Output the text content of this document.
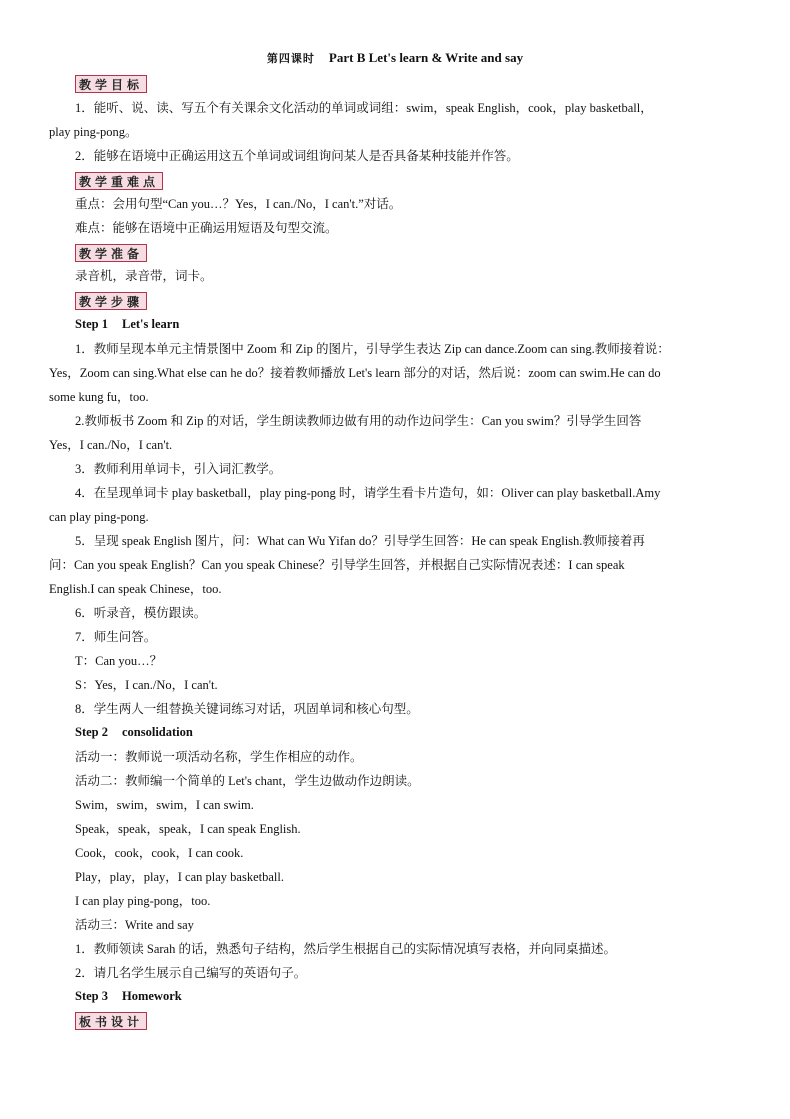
第四课时 Part B Let's learn & Write and say
教学目标
1．能听、说、读、写五个有关课余文化活动的单词或词组：swim，speak English，cook，play basketball，
play ping-pong。
2．能够在语境中正确运用这五个单词或词组询问某人是否具备某种技能并作答。
教学重难点
重点：会用句型“Can you…？Yes，I can./No，I can't.”对话。
难点：能够在语境中正确运用短语及句型交流。
教学准备
录音机，录音带，词卡。
教学步骤
Step 1 Let's learn
1．教师呈现本单元主情景图中 Zoom 和 Zip 的图片，引导学生表达 Zip can dance.Zoom can sing.教师接着说：
Yes，Zoom can sing.What else can he do？接着教师播放 Let's learn 部分的对话，然后说：zoom can swim.He can do
some kung fu，too.
2.教师板书 Zoom 和 Zip 的对话，学生朗读教师边做有用的动作边问学生：Can you swim？引导学生回答
Yes，I can./No，I can't.
3．教师利用单词卡，引入词汇教学。
4．在呈现单词卡 play basketball，play ping-pong 时，请学生看卡片造句，如：Oliver can play basketball.Amy
can play ping-pong.
5．呈现 speak English 图片，问：What can Wu Yifan do？引导学生回答：He can speak English.教师接着再
问：Can you speak English？Can you speak Chinese？引导学生回答，并根据自己实际情况表述：I can speak
English.I can speak Chinese，too.
6．听录音，模仿跟读。
7．师生问答。
T：Can you…？
S：Yes，I can./No，I can't.
8．学生两人一组替换关键词练习对话，巩固单词和核心句型。
Step 2 consolidation
活动一：教师说一项活动名称，学生作相应的动作。
活动二：教师编一个简单的 Let's chant，学生边做动作边朗读。
Swim，swim，swim，I can swim.
Speak，speak，speak，I can speak English.
Cook，cook，cook，I can cook.
Play，play，play，I can play basketball.
I can play ping-pong，too.
活动三：Write and say
1．教师领读 Sarah 的话，熟悉句子结构，然后学生根据自己的实际情况填写表格，并向同桌描述。
2．请几名学生展示自己编写的英语句子。
Step 3 Homework
板书设计
